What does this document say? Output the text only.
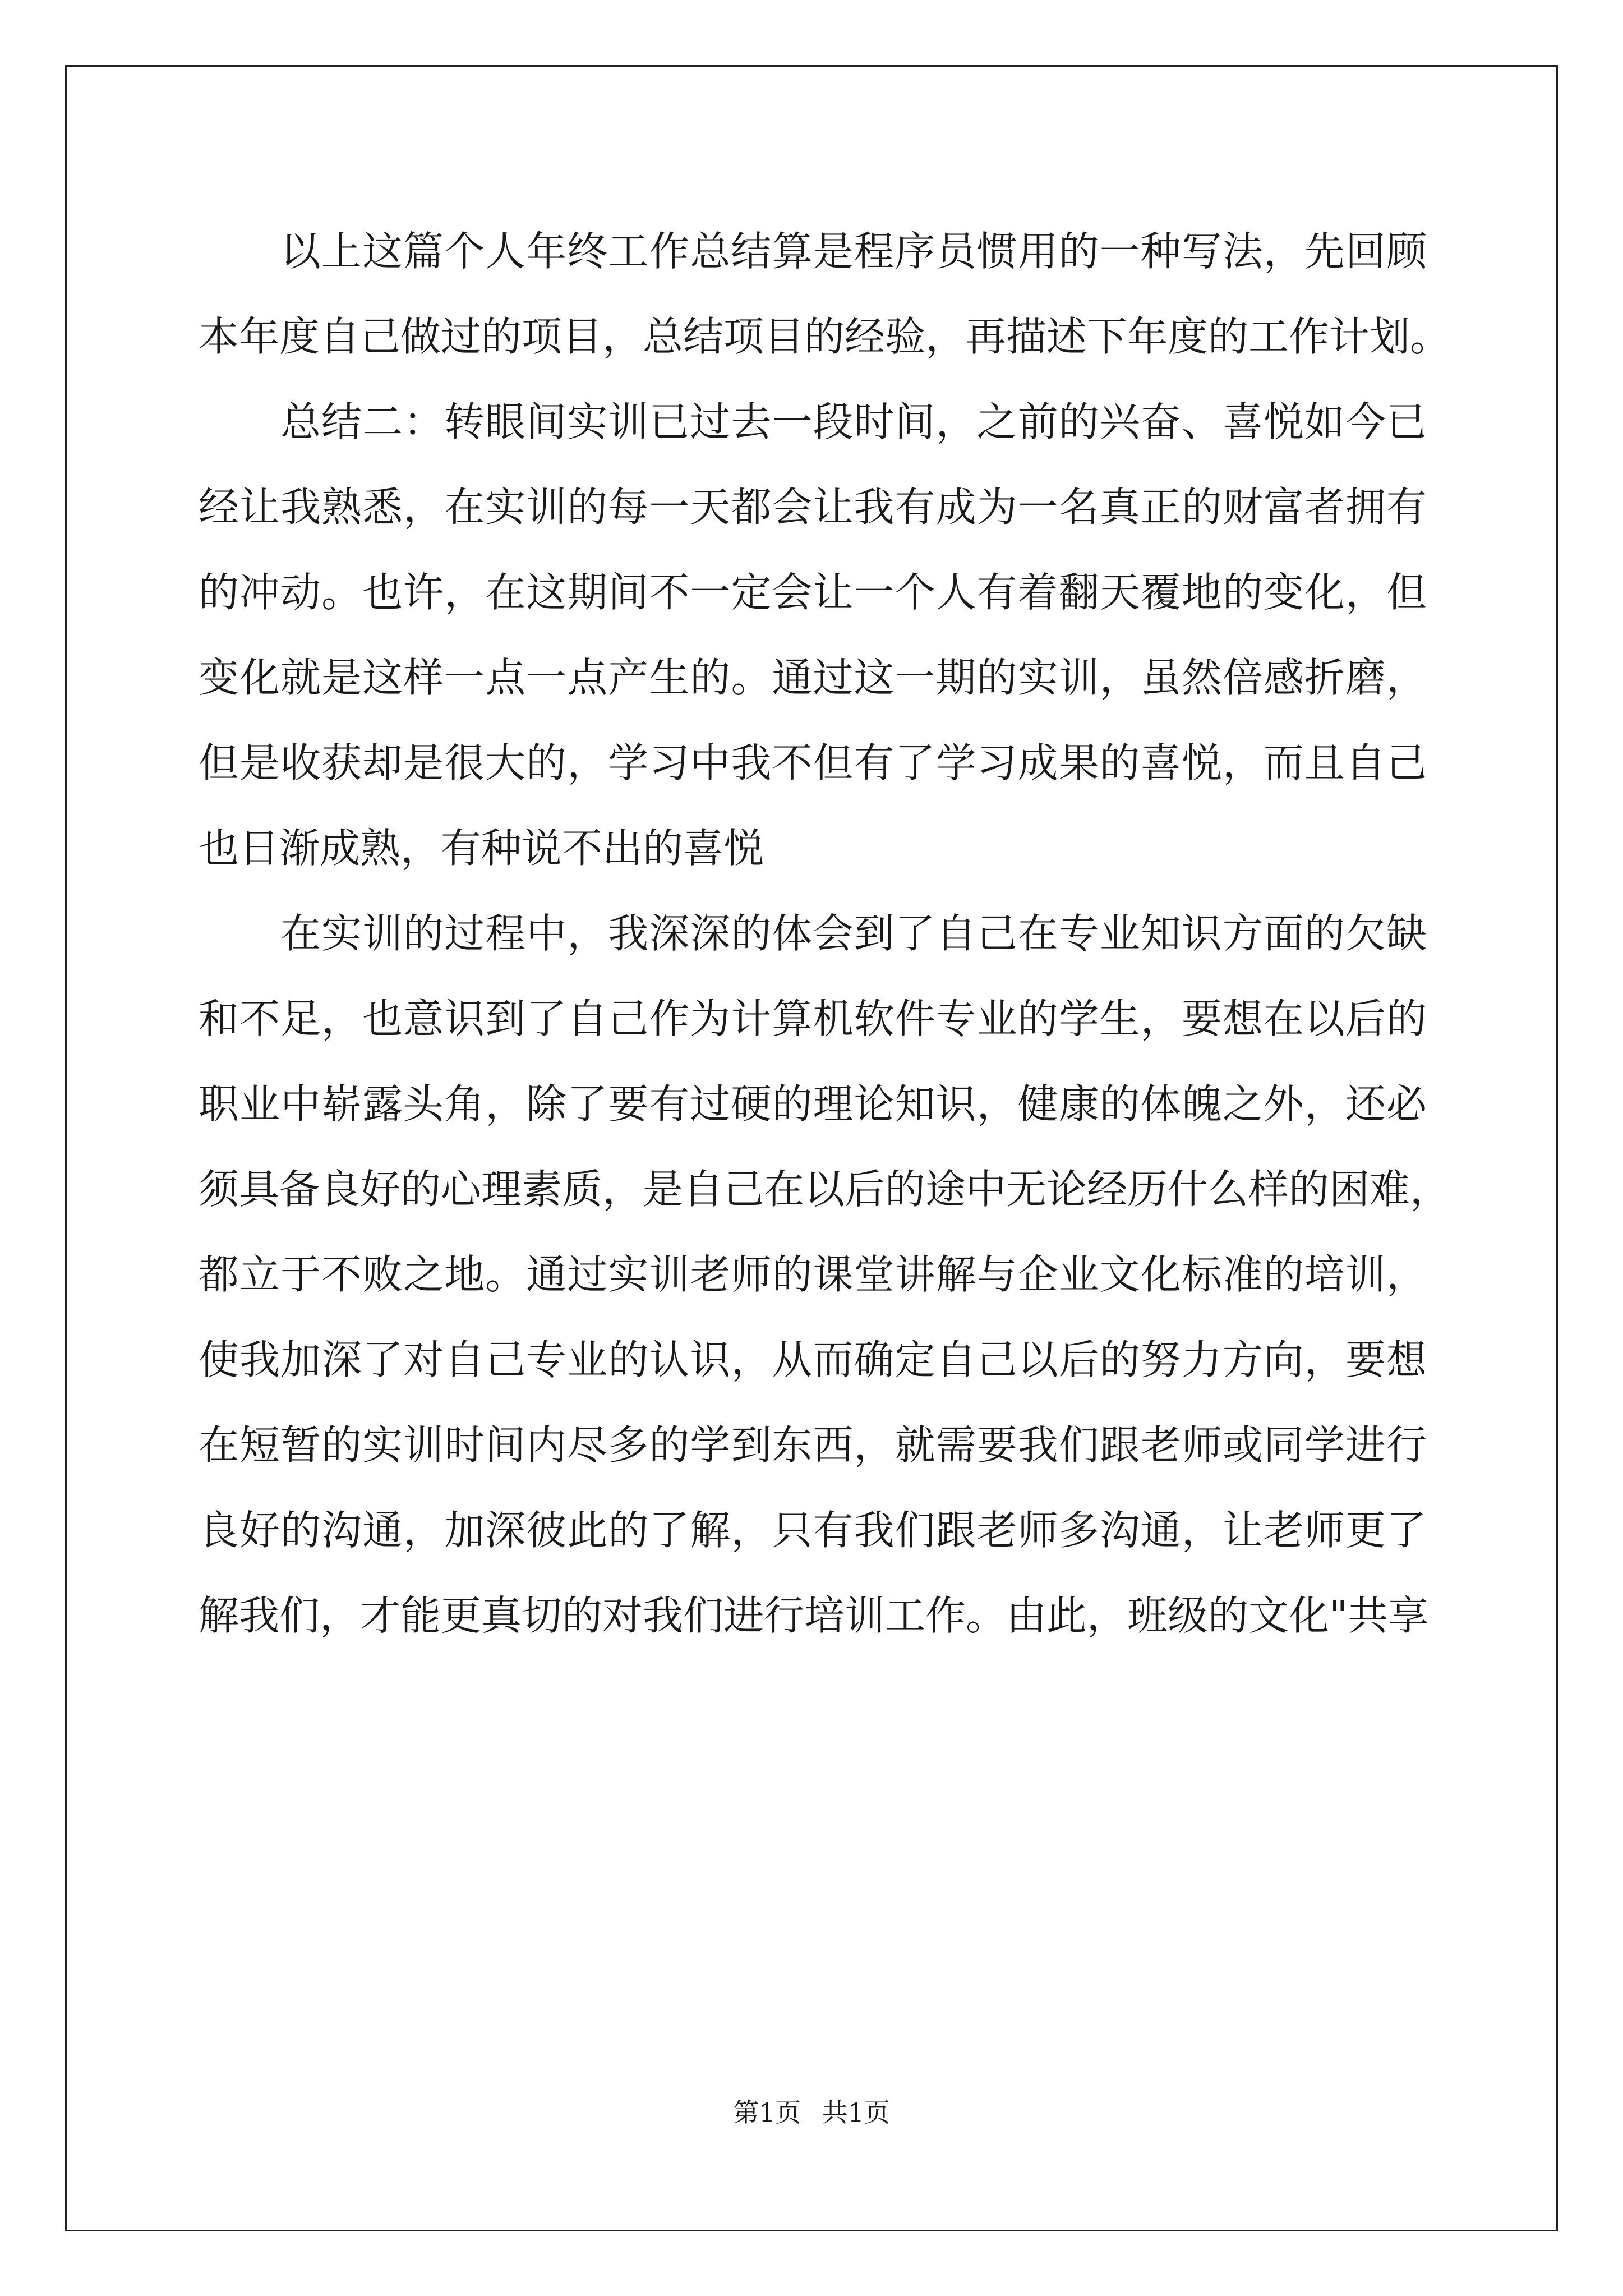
以上这篇个人年终工作总结算是程序员惯用的一种写法，先回顾
本年度自己做过的项目，总结项目的经验，再描述下年度的工作计划。
总结二：转眼间实训已过去一段时间，之前的兴奋、喜悦如今已
经让我熟悉，在实训的每一天都会让我有成为一名真正的财富者拥有
的冲动。也许，在这期间不一定会让一个人有着翻天覆地的变化，但
变化就是这样一点一点产生的。通过这一期的实训，虽然倍感折磨，
但是收获却是很大的，学习中我不但有了学习成果的喜悦，而且自己
也日渐成熟，有种说不出的喜悦
在实训的过程中，我深深的体会到了自己在专业知识方面的欠缺
和不足，也意识到了自己作为计算机软件专业的学生，要想在以后的
职业中崭露头角，除了要有过硬的理论知识，健康的体魄之外，还必
须具备良好的心理素质，是自己在以后的途中无论经历什么样的困难，
都立于不败之地。通过实训老师的课堂讲解与企业文化标准的培训，
使我加深了对自己专业的认识，从而确定自己以后的努力方向，要想
在短暂的实训时间内尽多的学到东西，就需要我们跟老师或同学进行
良好的沟通，加深彼此的了解，只有我们跟老师多沟通，让老师更了
解我们，才能更真切的对我们进行培训工作。由此，班级的文化"共享
第1页  共1页
